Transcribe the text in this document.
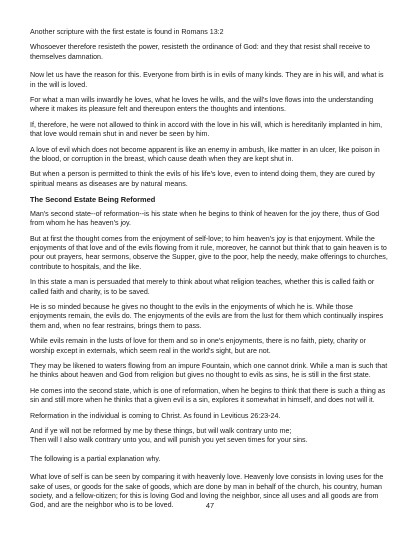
Another scripture with the first estate is found in Romans 13:2

Whosoever therefore resisteth the power, resisteth the ordinance of God: and they that resist shall receive to themselves damnation.

Now let us have the reason for this. Everyone from birth is in evils of many kinds. They are in his will, and what is in the will is loved.

For what a man wills inwardly he loves, what he loves he wills, and the will's love flows into the understanding where it makes its pleasure felt and thereupon enters the thoughts and intentions.

If, therefore, he were not allowed to think in accord with the love in his will, which is hereditarily implanted in him, that love would remain shut in and never be seen by him.

A love of evil which does not become apparent is like an enemy in ambush, like matter in an ulcer, like poison in the blood, or corruption in the breast, which cause death when they are kept shut in.

But when a person is permitted to think the evils of his life's love, even to intend doing them, they are cured by spiritual means as diseases are by natural means.

The Second Estate Being Reformed

Man's second state--of reformation--is his state when he begins to think of heaven for the joy there, thus of God from whom he has heaven's joy.

But at first the thought comes from the enjoyment of self-love; to him heaven's joy is that enjoyment. While the enjoyments of that love and of the evils flowing from it rule, moreover, he cannot but think that to gain heaven is to pour out prayers, hear sermons, observe the Supper, give to the poor, help the needy, make offerings to churches, contribute to hospitals, and the like.

In this state a man is persuaded that merely to think about what religion teaches, whether this is called faith or called faith and charity, is to be saved.

He is so minded because he gives no thought to the evils in the enjoyments of which he is. While those enjoyments remain, the evils do. The enjoyments of the evils are from the lust for them which continually inspires them and, when no fear restrains, brings them to pass.

While evils remain in the lusts of love for them and so in one's enjoyments, there is no faith, piety, charity or worship except in externals, which seem real in the world's sight, but are not.

They may be likened to waters flowing from an impure Fountain, which one cannot drink. While a man is such that he thinks about heaven and God from religion but gives no thought to evils as sins, he is still in the first state.

He comes into the second state, which is one of reformation, when he begins to think that there is such a thing as sin and still more when he thinks that a given evil is a sin, explores it somewhat in himself, and does not will it.

Reformation in the individual is coming to Christ. As found in Leviticus 26:23-24.

And if ye will not be reformed by me by these things, but will walk contrary unto me;
Then will I also walk contrary unto you, and will punish you yet seven times for your sins.

The following is a partial explanation why.

What love of self is can be seen by comparing it with heavenly love. Heavenly love consists in loving uses for the sake of uses, or goods for the sake of goods, which are done by man in behalf of the church, his country, human society, and a fellow-citizen; for this is loving God and loving the neighbor, since all uses and all goods are from God, and are the neighbor who is to be loved.	47
